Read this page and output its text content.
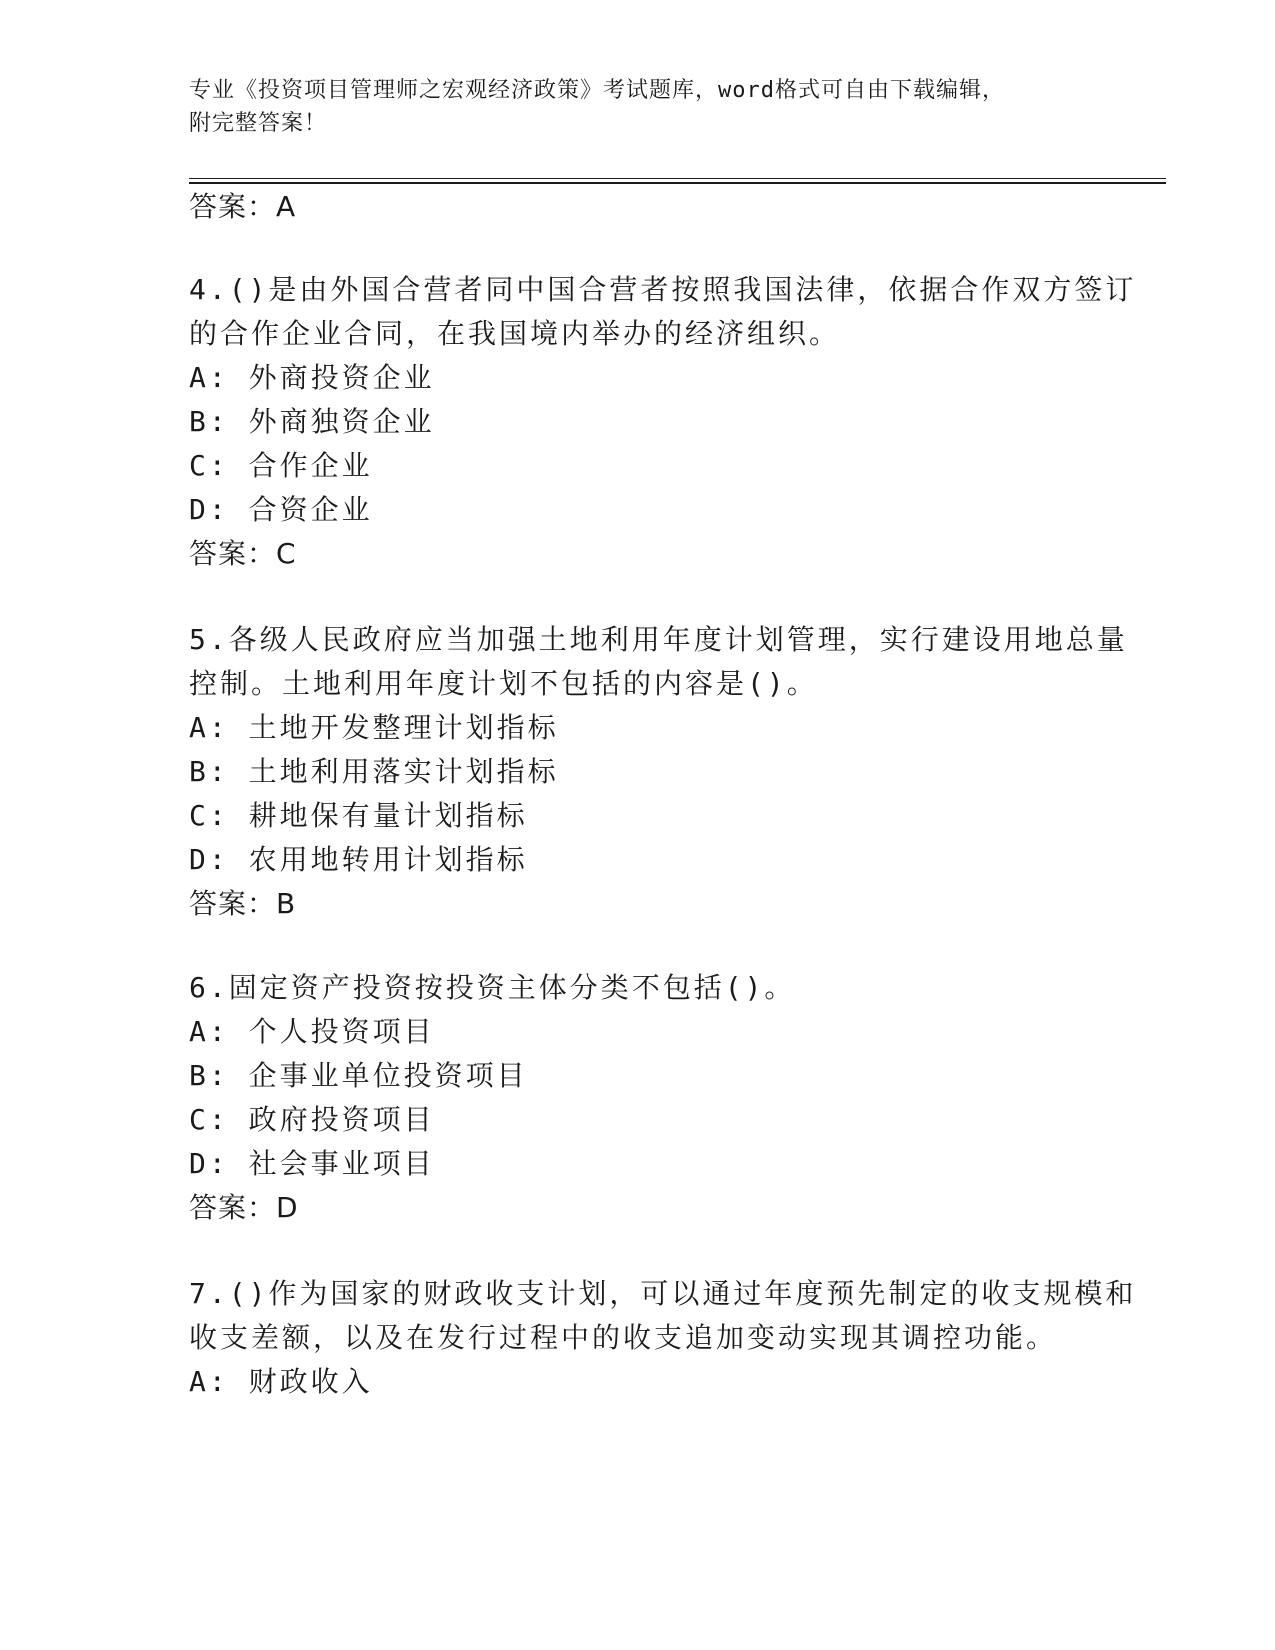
专业《投资项目管理师之宏观经济政策》考试题库，word格式可自由下载编辑，
附完整答案！
答案：A
4.()是由外国合营者同中国合营者按照我国法律，依据合作双方签订
的合作企业合同，在我国境内举办的经济组织。
A: 外商投资企业
B: 外商独资企业
C: 合作企业
D: 合资企业
答案：C
5.各级人民政府应当加强土地利用年度计划管理，实行建设用地总量
控制。土地利用年度计划不包括的内容是()。
A: 土地开发整理计划指标
B: 土地利用落实计划指标
C: 耕地保有量计划指标
D: 农用地转用计划指标
答案：B
6.固定资产投资按投资主体分类不包括()。
A: 个人投资项目
B: 企事业单位投资项目
C: 政府投资项目
D: 社会事业项目
答案：D
7.()作为国家的财政收支计划，可以通过年度预先制定的收支规模和
收支差额，以及在发行过程中的收支追加变动实现其调控功能。
A: 财政收入
